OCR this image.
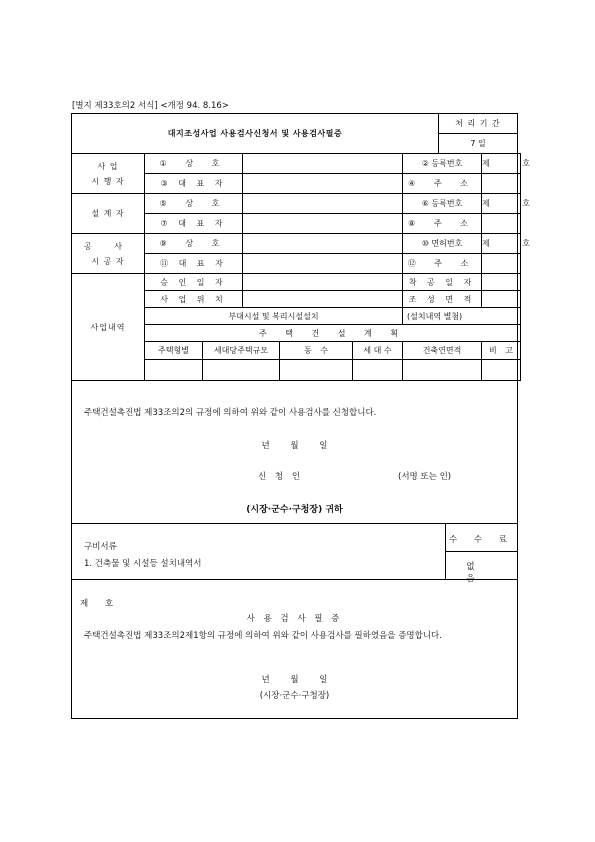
[별지 제33호의2 서식] <개정 94. 8.16>
대지조성사업 사용검사신청서 및 사용검사필증	처 리 기 간
7 일
사 업
시 행 자	① 상 호					② 등록번호	제 호
	③ 대 표 자					④ 주 소	
설 계 자	⑤ 상 호					⑥ 등록번호	제 호
	⑦ 대 표 자					⑧ 주 소	

공 사
시 공 자	⑨ 상 호					⑩ 면허번호	제 호
	⑪ 대 표 자					⑫ 주 소	
사업내역	승 인 일 자					착 공 일 자	
	사 업 위 치					조 성 면 적	
	부대시설 및 복리시설설치					(설치내역 별첨)	
	주 택 건 설 계 획						
	주택형별	세대당주택규모		동 수	세 대 수	건축연면적	비 고

주택건설촉진법 제33조의2의 규정에 의하여 위와 같이 사용검사를 신청합니다.
년 월 일
신 청 인	(서명 또는 인)
(시장·군수·구청장) 귀하
구비서류
1. 건축물 및 시설등 설치내역서
수 수 료
없 음
제 호
사 용 검 사 필 증
주택건설촉진법 제33조의2제1항의 규정에 의하여 위와 같이 사용검사를 필하였음을 증명합니다.
년 월 일
(시장·군수·구청장)
